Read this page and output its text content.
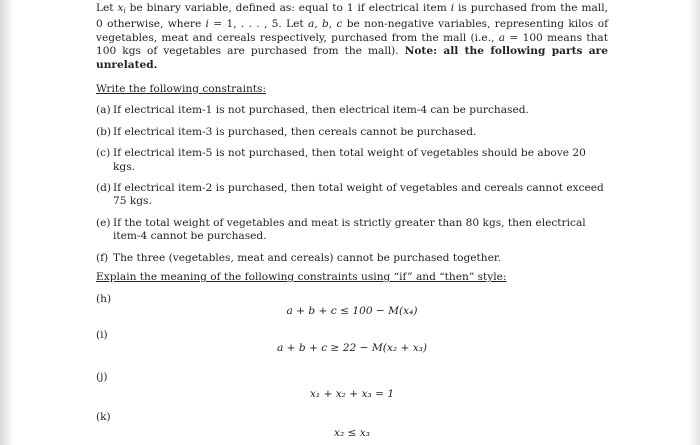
Let $x_i$ be binary variable, defined as: equal to 1 if electrical item i is purchased from the mall, 0 otherwise, where i = 1, . . . , 5. Let a, b, c be non-negative variables, representing kilos of vegetables, meat and cereals respectively, purchased from the mall (i.e., a = 100 means that 100 kgs of vegetables are purchased from the mall). Note: all the following parts are unrelated.

Write the following constraints:
(a) If electrical item-1 is not purchased, then electrical item-4 can be purchased.
(b) If electrical item-3 is purchased, then cereals cannot be purchased.
(c) If electrical item-5 is not purchased, then total weight of vegetables should be above 20 kgs.
(d) If electrical item-2 is purchased, then total weight of vegetables and cereals cannot exceed 75 kgs.
(e) If the total weight of vegetables and meat is strictly greater than 80 kgs, then electrical item-4 cannot be purchased.
(f) The three (vegetables, meat and cereals) cannot be purchased together.
Explain the meaning of the following constraints using “if” and “then” style:
(h)
a + b + c ≤ 100 − M(x₄)
(i)
a + b + c ≥ 22 − M(x₂ + x₃)
(j)
x₁ + x₂ + x₃ = 1
(k)
x₂ ≤ x₃
